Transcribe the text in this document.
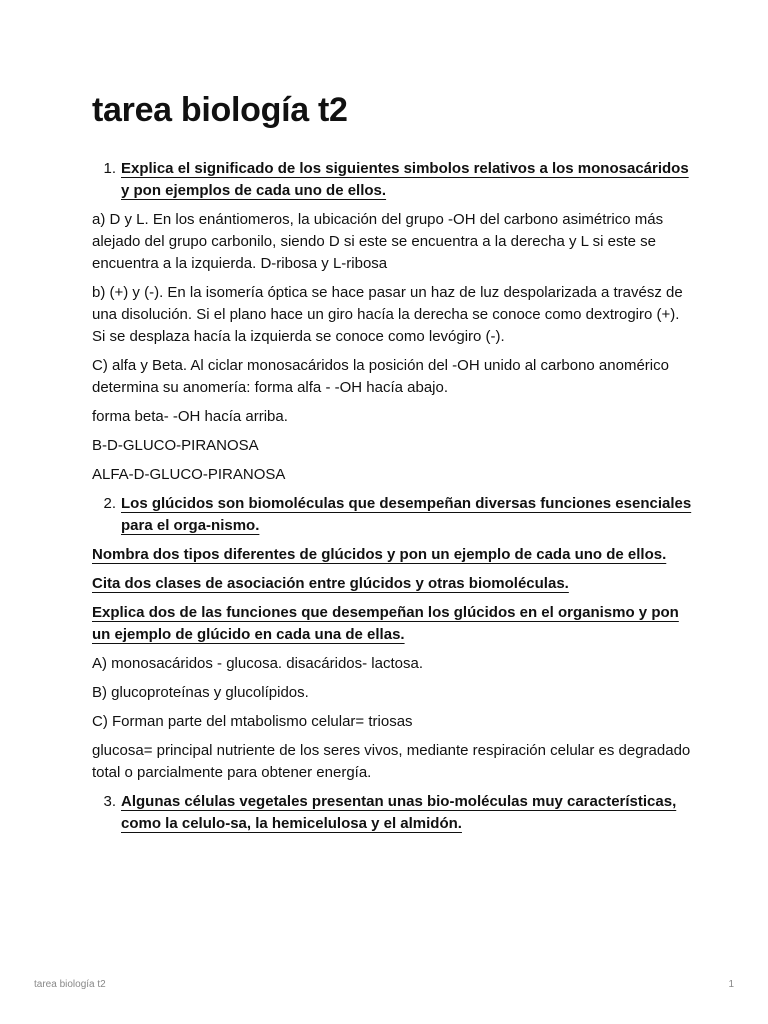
tarea biología t2
1. Explica el significado de los siguientes simbolos relativos a los monosacáridos y pon ejemplos de cada uno de ellos.

a) D y L. En los enántiomeros, la ubicación del grupo -OH del carbono asimétrico más alejado del grupo carbonilo, siendo D si este se encuentra a la derecha y L si este se encuentra a la izquierda. D-ribosa y L-ribosa

b) (+) y (-). En la isomería óptica se hace pasar un haz de luz despolarizada a travész de una disolución. Si el plano hace un giro hacía la derecha se conoce como dextrogiro (+). Si se desplaza hacía la izquierda se conoce como levógiro (-).

C) alfa y Beta. Al ciclar monosacáridos la posición del -OH unido al carbono anomérico determina su anomería: forma alfa - -OH hacía abajo.

forma beta- -OH hacía arriba.

B-D-GLUCO-PIRANOSA

ALFA-D-GLUCO-PIRANOSA

2. Los glúcidos son biomoléculas que desempeñan diversas funciones esenciales para el orga-nismo.

Nombra dos tipos diferentes de glúcidos y pon un ejemplo de cada uno de ellos.

Cita dos clases de asociación entre glúcidos y otras biomoléculas.

Explica dos de las funciones que desempeñan los glúcidos en el organismo y pon un ejemplo de glúcido en cada una de ellas.

A) monosacáridos - glucosa. disacáridos- lactosa.

B) glucoproteínas y glucolípidos.

C) Forman parte del mtabolismo celular= triosas

glucosa= principal nutriente de los seres vivos, mediante respiración celular es degradado total o parcialmente para obtener energía.

3. Algunas células vegetales presentan unas bio-moléculas muy características, como la celulo-sa, la hemicelulosa y el almidón.
tarea biología t2	1
